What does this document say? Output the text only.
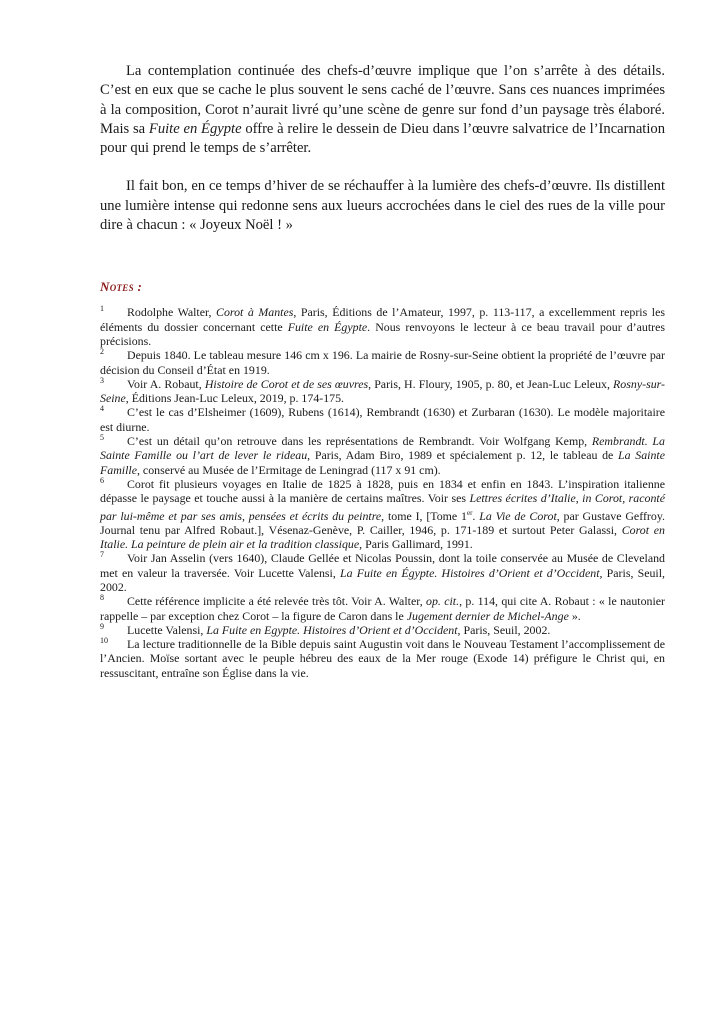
La contemplation continuée des chefs-d’œuvre implique que l’on s’arrête à des détails. C’est en eux que se cache le plus souvent le sens caché de l’œuvre. Sans ces nuances imprimées à la composition, Corot n’aurait livré qu’une scène de genre sur fond d’un paysage très élaboré. Mais sa Fuite en Égypte offre à relire le dessein de Dieu dans l’œuvre salvatrice de l’Incarnation pour qui prend le temps de s’arrêter.

Il fait bon, en ce temps d’hiver de se réchauffer à la lumière des chefs-d’œuvre. Ils distillent une lumière intense qui redonne sens aux lueurs accrochées dans le ciel des rues de la ville pour dire à chacun : « Joyeux Noël ! »

Notes :

1 Rodolphe Walter, Corot à Mantes, Paris, Éditions de l’Amateur, 1997, p. 113-117, a excellemment repris les éléments du dossier concernant cette Fuite en Égypte. Nous renvoyons le lecteur à ce beau travail pour d’autres précisions.

2 Depuis 1840. Le tableau mesure 146 cm x 196. La mairie de Rosny-sur-Seine obtient la propriété de l’œuvre par décision du Conseil d’État en 1919.

3 Voir A. Robaut, Histoire de Corot et de ses œuvres, Paris, H. Floury, 1905, p. 80, et Jean-Luc Leleux, Rosny-sur-Seine, Éditions Jean-Luc Leleux, 2019, p. 174-175.

4 C’est le cas d’Elsheimer (1609), Rubens (1614), Rembrandt (1630) et Zurbaran (1630). Le modèle majoritaire est diurne.

5 C’est un détail qu’on retrouve dans les représentations de Rembrandt. Voir Wolfgang Kemp, Rembrandt. La Sainte Famille ou l’art de lever le rideau, Paris, Adam Biro, 1989 et spécialement p. 12, le tableau de La Sainte Famille, conservé au Musée de l’Ermitage de Leningrad (117 x 91 cm).

6 Corot fit plusieurs voyages en Italie de 1825 à 1828, puis en 1834 et enfin en 1843. L’inspiration italienne dépasse le paysage et touche aussi à la manière de certains maîtres. Voir ses Lettres écrites d’Italie, in Corot, raconté par lui-même et par ses amis, pensées et écrits du peintre, tome I, [Tome 1er. La Vie de Corot, par Gustave Geffroy. Journal tenu par Alfred Robaut.], Vésenaz-Genève, P. Cailler, 1946, p. 171-189 et surtout Peter Galassi, Corot en Italie. La peinture de plein air et la tradition classique, Paris Gallimard, 1991.

7 Voir Jan Asselin (vers 1640), Claude Gellée et Nicolas Poussin, dont la toile conservée au Musée de Cleveland met en valeur la traversée. Voir Lucette Valensi, La Fuite en Égypte. Histoires d’Orient et d’Occident, Paris, Seuil, 2002.

8 Cette référence implicite a été relevée très tôt. Voir A. Walter, op. cit., p. 114, qui cite A. Robaut : « le nautonier rappelle – par exception chez Corot – la figure de Caron dans le Jugement dernier de Michel-Ange ».

9 Lucette Valensi, La Fuite en Egypte. Histoires d’Orient et d’Occident, Paris, Seuil, 2002.

10 La lecture traditionnelle de la Bible depuis saint Augustin voit dans le Nouveau Testament l’accomplissement de l’Ancien. Moïse sortant avec le peuple hébreu des eaux de la Mer rouge (Exode 14) préfigure le Christ qui, en ressuscitant, entraîne son Église dans la vie.
